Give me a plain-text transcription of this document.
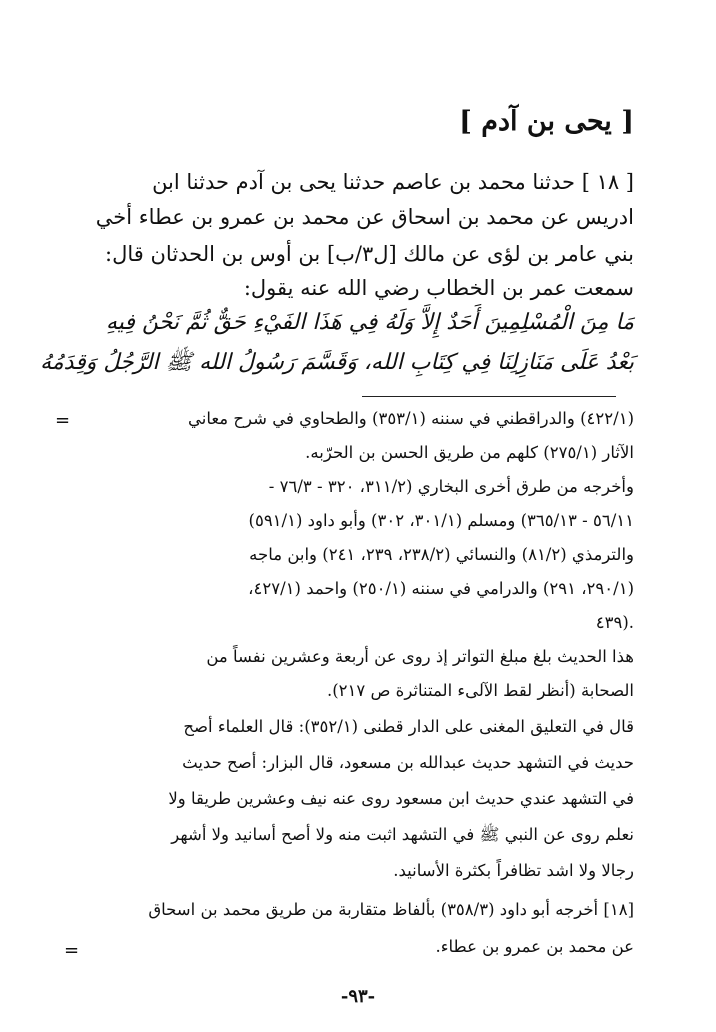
[ يحى بن آدم ]
[ ١٨ ] حدثنا محمد بن عاصم حدثنا يحى بن آدم حدثنا ابن
ادريس عن محمد بن اسحاق عن محمد بن عمرو بن عطاء أخي
بني عامر بن لؤى عن مالك [ل٣/ب] بن أوس بن الحدثان قال:
سمعت عمر بن الخطاب رضي الله عنه يقول:
مَا مِنَ الْمُسْلِمِينَ أَحَدٌ إِلاَّ وَلَهُ فِي هَذَا الفَيْءِ حَقٌّ ثُمَّ نَحْنُ فِيهِ
بَعْدُ عَلَى مَنَازِلِنَا فِي كِتَابِ الله، وَقَسَّمَ رَسُولُ الله ﷺ الرَّجُلُ وَقِدَمُهُ
=	(٤٢٢/١) والدراقطني في سننه (٣٥٣/١) والطحاوي في شرح معاني
الآثار (٢٧٥/١) كلهم من طريق الحسن بن الحرّبه.
وأخرجه من طرق أخرى البخاري (٣١١/٢، ٣٢٠ - ٧٦/٣ -
٥٦/١١ - ٣٦٥/١٣) ومسلم (٣٠١/١، ٣٠٢) وأبو داود (٥٩١/١)
والترمذي (٨١/٢) والنسائي (٢٣٨/٢، ٢٣٩، ٢٤١) وابن ماجه
(٢٩٠/١، ٢٩١) والدرامي في سننه (٢٥٠/١) واحمد (٤٢٧/١،
٤٣٩).
هذا الحديث بلغ مبلغ التواتر إذ روى عن أربعة وعشرين نفساً من
الصحابة (أنظر لقط الآلىء المتناثرة ص ٢١٧).
قال في التعليق المغنى على الدار قطنى (٣٥٢/١): قال العلماء أصح
حديث في التشهد حديث عبدالله بن مسعود، قال البزار: أصح حديث
في التشهد عندي حديث ابن مسعود روى عنه نيف وعشرين طريقا ولا
نعلم روى عن النبي ﷺ في التشهد اثبت منه ولا أصح أسانيد ولا أشهر
رجالا ولا اشد تظافراً بكثرة الأسانيد.
[١٨] أخرجه أبو داود (٣٥٨/٣) بألفاظ متقاربة من طريق محمد بن اسحاق
عن محمد بن عمرو بن عطاء.
=
-٩٣-
